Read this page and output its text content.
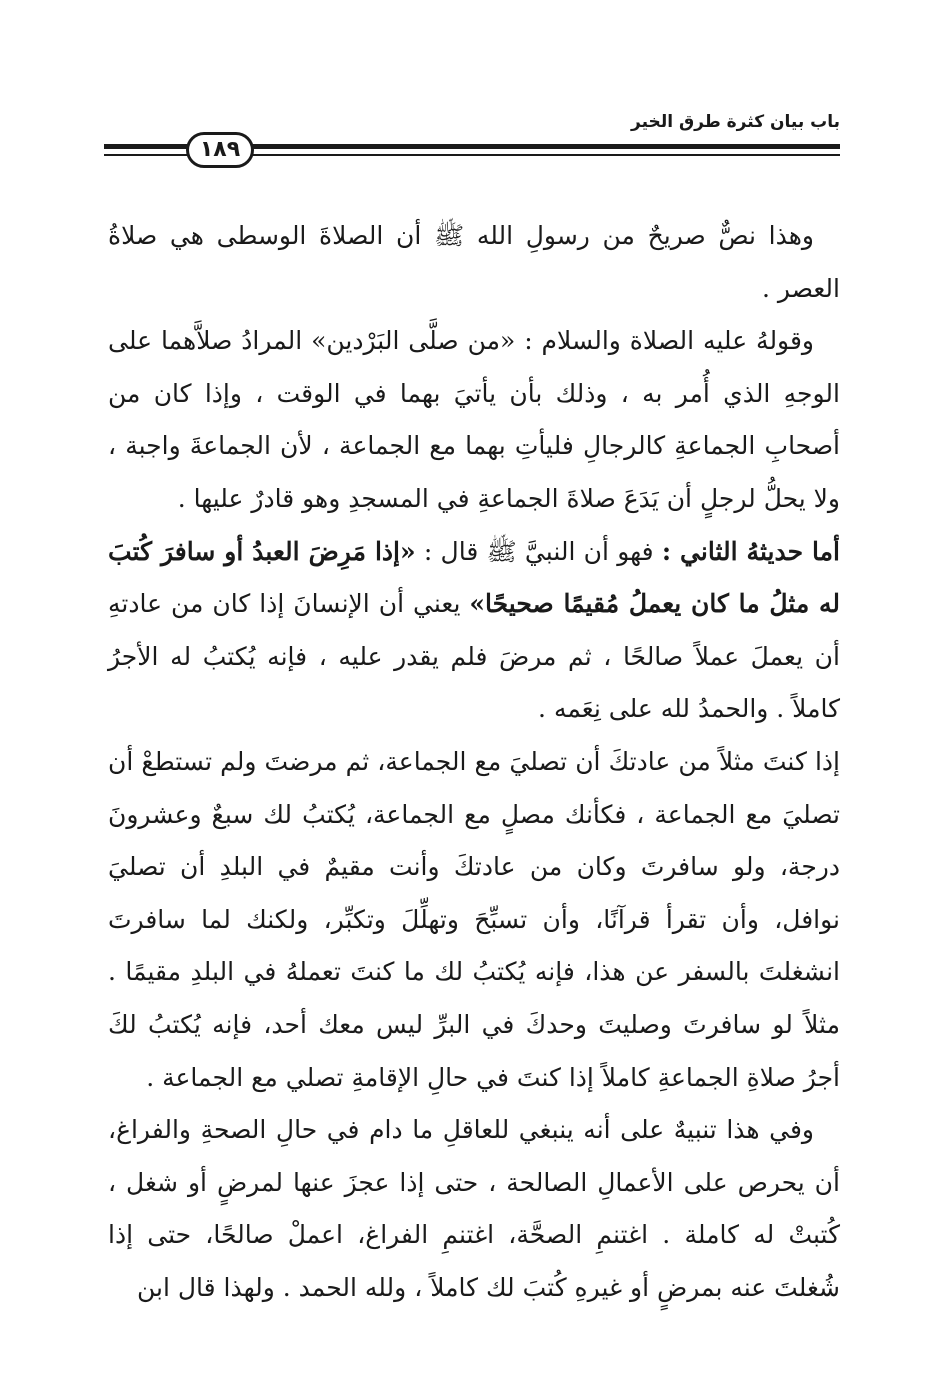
باب بيان كثرة طرق الخير
١٨٩

وهذا نصٌّ صريحٌ من رسولِ الله ﷺ أن الصلاةَ الوسطى هي صلاةُ العصر .

وقولهُ عليه الصلاة والسلام : «من صلَّى البَرْدين» المرادُ صلاَّهما على الوجهِ الذي أُمر به ، وذلك بأن يأتيَ بهما في الوقت ، وإذا كان من أصحابِ الجماعةِ كالرجالِ فليأتِ بهما مع الجماعة ، لأن الجماعةَ واجبة ، ولا يحلُّ لرجلٍ أن يَدَعَ صلاةَ الجماعةِ في المسجدِ وهو قادرٌ عليها .

أما حديثهُ الثاني : فهو أن النبيَّ ﷺ قال : «إذا مَرِضَ العبدُ أو سافرَ كُتبَ له مثلُ ما كان يعملُ مُقيمًا صحيحًا» يعني أن الإنسانَ إذا كان من عادتهِ أن يعملَ عملاً صالحًا ، ثم مرضَ فلم يقدر عليه ، فإنه يُكتبُ له الأجرُ كاملاً . والحمدُ لله على نِعَمه .

إذا كنتَ مثلاً من عادتكَ أن تصليَ مع الجماعة، ثم مرضتَ ولم تستطعْ أن تصليَ مع الجماعة ، فكأنك مصلٍ مع الجماعة، يُكتبُ لك سبعٌ وعشرونَ درجة، ولو سافرتَ وكان من عادتكَ وأنت مقيمٌ في البلدِ أن تصليَ نوافل، وأن تقرأ قرآنًا، وأن تسبِّحَ وتهلِّلَ وتكبِّر، ولكنك لما سافرتَ انشغلتَ بالسفر عن هذا، فإنه يُكتبُ لك ما كنتَ تعملهُ في البلدِ مقيمًا . مثلاً لو سافرتَ وصليتَ وحدكَ في البرِّ ليس معك أحد، فإنه يُكتبُ لكَ أجرُ صلاةِ الجماعةِ كاملاً إذا كنتَ في حالِ الإقامةِ تصلي مع الجماعة .

وفي هذا تنبيهٌ على أنه ينبغي للعاقلِ ما دام في حالِ الصحةِ والفراغ، أن يحرص على الأعمالِ الصالحة ، حتى إذا عجزَ عنها لمرضٍ أو شغل ، كُتبتْ له كاملة . اغتنمِ الصحَّة، اغتنمِ الفراغ، اعملْ صالحًا، حتى إذا شُغلتَ عنه بمرضٍ أو غيرهِ كُتبَ لك كاملاً ، ولله الحمد . ولهذا قال ابن
